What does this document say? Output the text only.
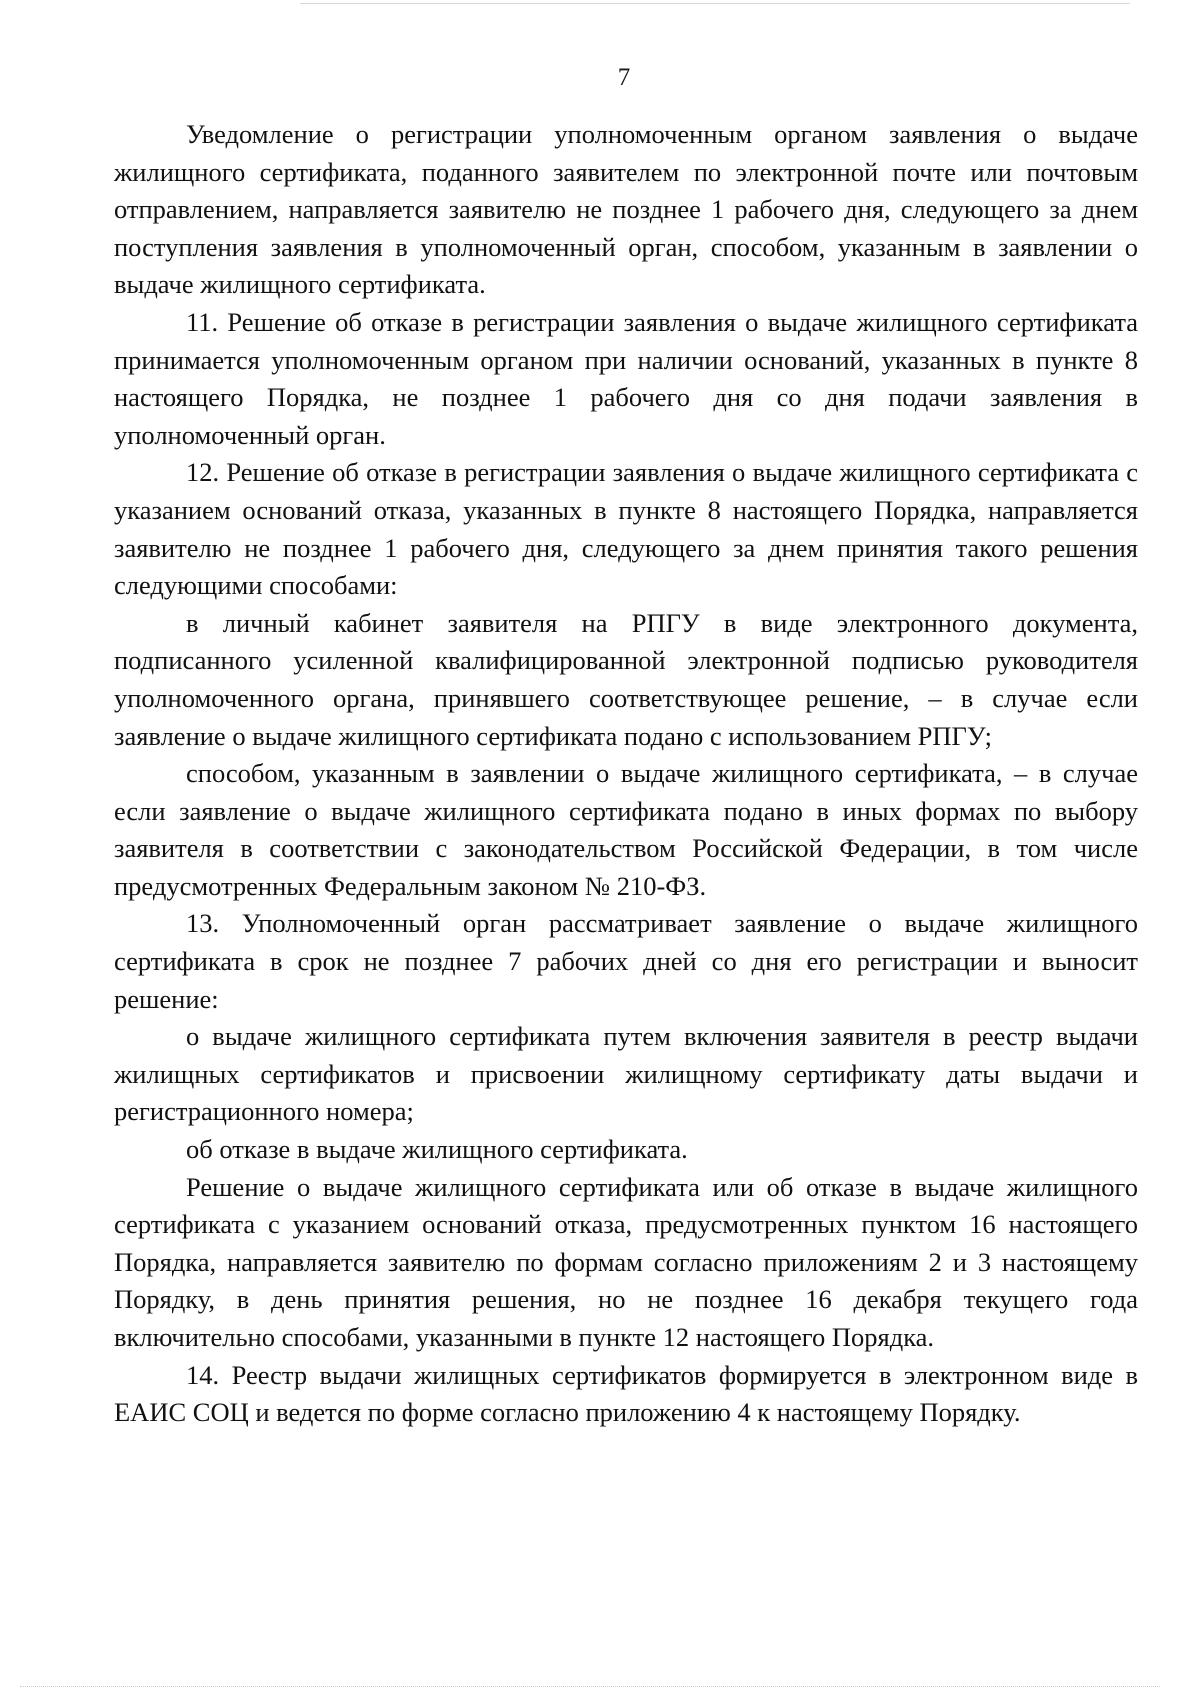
7

Уведомление о регистрации уполномоченным органом заявления о выдаче жилищного сертификата, поданного заявителем по электронной почте или почтовым отправлением, направляется заявителю не позднее 1 рабочего дня, следующего за днем поступления заявления в уполномоченный орган, способом, указанным в заявлении о выдаче жилищного сертификата.

11. Решение об отказе в регистрации заявления о выдаче жилищного сертификата принимается уполномоченным органом при наличии оснований, указанных в пункте 8 настоящего Порядка, не позднее 1 рабочего дня со дня подачи заявления в уполномоченный орган.

12. Решение об отказе в регистрации заявления о выдаче жилищного сертификата с указанием оснований отказа, указанных в пункте 8 настоящего Порядка, направляется заявителю не позднее 1 рабочего дня, следующего за днем принятия такого решения следующими способами:

в личный кабинет заявителя на РПГУ в виде электронного документа, подписанного усиленной квалифицированной электронной подписью руководителя уполномоченного органа, принявшего соответствующее решение, – в случае если заявление о выдаче жилищного сертификата подано с использованием РПГУ;

способом, указанным в заявлении о выдаче жилищного сертификата, – в случае если заявление о выдаче жилищного сертификата подано в иных формах по выбору заявителя в соответствии с законодательством Российской Федерации, в том числе предусмотренных Федеральным законом № 210-ФЗ.

13. Уполномоченный орган рассматривает заявление о выдаче жилищного сертификата в срок не позднее 7 рабочих дней со дня его регистрации и выносит решение:

о выдаче жилищного сертификата путем включения заявителя в реестр выдачи жилищных сертификатов и присвоении жилищному сертификату даты выдачи и регистрационного номера;

об отказе в выдаче жилищного сертификата.

Решение о выдаче жилищного сертификата или об отказе в выдаче жилищного сертификата с указанием оснований отказа, предусмотренных пунктом 16 настоящего Порядка, направляется заявителю по формам согласно приложениям 2 и 3 настоящему Порядку, в день принятия решения, но не позднее 16 декабря текущего года включительно способами, указанными в пункте 12 настоящего Порядка.

14. Реестр выдачи жилищных сертификатов формируется в электронном виде в ЕАИС СОЦ и ведется по форме согласно приложению 4 к настоящему Порядку.
